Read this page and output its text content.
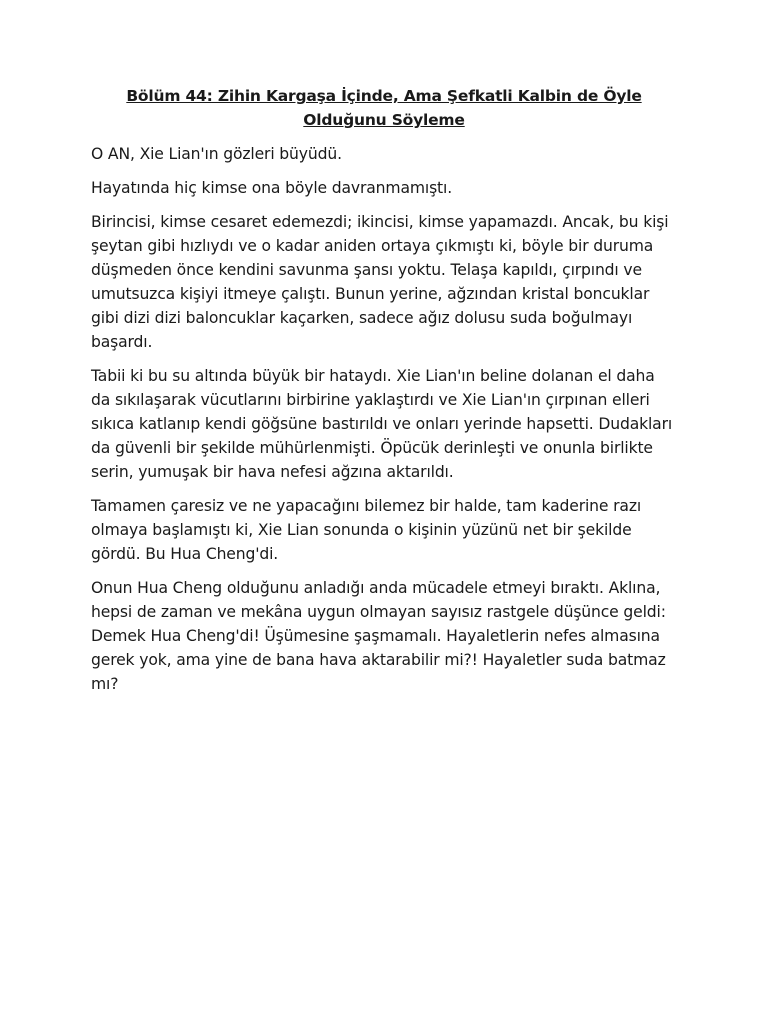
Bölüm 44: Zihin Kargaşa İçinde, Ama Şefkatli Kalbin de Öyle Olduğunu Söyleme

O AN, Xie Lian'ın gözleri büyüdü.

Hayatında hiç kimse ona böyle davranmamıştı.

Birincisi, kimse cesaret edemezdi; ikincisi, kimse yapamazdı. Ancak, bu kişi şeytan gibi hızlıydı ve o kadar aniden ortaya çıkmıştı ki, böyle bir duruma düşmeden önce kendini savunma şansı yoktu. Telaşa kapıldı, çırpındı ve umutsuzca kişiyi itmeye çalıştı. Bunun yerine, ağzından kristal boncuklar gibi dizi dizi baloncuklar kaçarken, sadece ağız dolusu suda boğulmayı başardı.

Tabii ki bu su altında büyük bir hataydı. Xie Lian'ın beline dolanan el daha da sıkılaşarak vücutlarını birbirine yaklaştırdı ve Xie Lian'ın çırpınan elleri sıkıca katlanıp kendi göğsüne bastırıldı ve onları yerinde hapsetti. Dudakları da güvenli bir şekilde mühürlenmişti. Öpücük derinleşti ve onunla birlikte serin, yumuşak bir hava nefesi ağzına aktarıldı.

Tamamen çaresiz ve ne yapacağını bilemez bir halde, tam kaderine razı olmaya başlamıştı ki, Xie Lian sonunda o kişinin yüzünü net bir şekilde gördü. Bu Hua Cheng'di.

Onun Hua Cheng olduğunu anladığı anda mücadele etmeyi bıraktı. Aklına, hepsi de zaman ve mekâna uygun olmayan sayısız rastgele düşünce geldi: Demek Hua Cheng'di! Üşümesine şaşmamalı. Hayaletlerin nefes almasına gerek yok, ama yine de bana hava aktarabilir mi?! Hayaletler suda batmaz mı?
